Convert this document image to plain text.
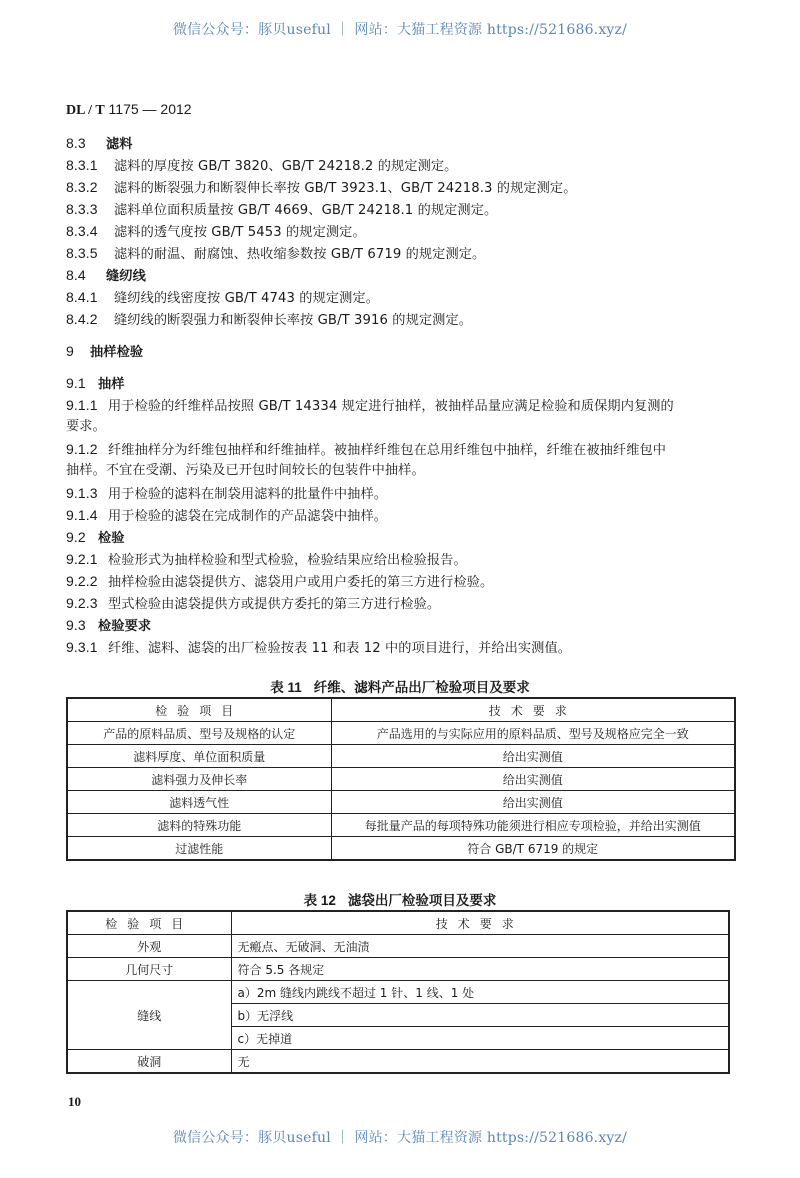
微信公众号：豚贝useful ｜ 网站：大猫工程资源 https://521686.xyz/
DL / T 1175 — 2012
8.3 滤料
8.3.1 滤料的厚度按 GB/T 3820、GB/T 24218.2 的规定测定。
8.3.2 滤料的断裂强力和断裂伸长率按 GB/T 3923.1、GB/T 24218.3 的规定测定。
8.3.3 滤料单位面积质量按 GB/T 4669、GB/T 24218.1 的规定测定。
8.3.4 滤料的透气度按 GB/T 5453 的规定测定。
8.3.5 滤料的耐温、耐腐蚀、热收缩参数按 GB/T 6719 的规定测定。
8.4 缝纫线
8.4.1 缝纫线的线密度按 GB/T 4743 的规定测定。
8.4.2 缝纫线的断裂强力和断裂伸长率按 GB/T 3916 的规定测定。
9 抽样检验
9.1 抽样
9.1.1 用于检验的纤维样品按照 GB/T 14334 规定进行抽样，被抽样品量应满足检验和质保期内复测的
要求。
9.1.2 纤维抽样分为纤维包抽样和纤维抽样。被抽样纤维包在总用纤维包中抽样，纤维在被抽纤维包中
抽样。不宜在受潮、污染及已开包时间较长的包装件中抽样。
9.1.3 用于检验的滤料在制袋用滤料的批量件中抽样。
9.1.4 用于检验的滤袋在完成制作的产品滤袋中抽样。
9.2 检验
9.2.1 检验形式为抽样检验和型式检验，检验结果应给出检验报告。
9.2.2 抽样检验由滤袋提供方、滤袋用户或用户委托的第三方进行检验。
9.2.3 型式检验由滤袋提供方或提供方委托的第三方进行检验。
9.3 检验要求
9.3.1 纤维、滤料、滤袋的出厂检验按表 11 和表 12 中的项目进行，并给出实测值。
表 11 纤维、滤料产品出厂检验项目及要求
检验项目	技术要求
产品的原料品质、型号及规格的认定	产品选用的与实际应用的原料品质、型号及规格应完全一致
滤料厚度、单位面积质量	给出实测值
滤料强力及伸长率	给出实测值
滤料透气性	给出实测值
滤料的特殊功能	每批量产品的每项特殊功能须进行相应专项检验，并给出实测值
过滤性能	符合 GB/T 6719 的规定
表 12 滤袋出厂检验项目及要求
检验项目	技术要求
外观	无瘢点、无破洞、无油渍
几何尺寸	符合 5.5 各规定
缝线	a）2m 缝线内跳线不超过 1 针、1 线、1 处
	b）无浮线
	c）无掉道
破洞	无
10
微信公众号：豚贝useful ｜ 网站：大猫工程资源 https://521686.xyz/
